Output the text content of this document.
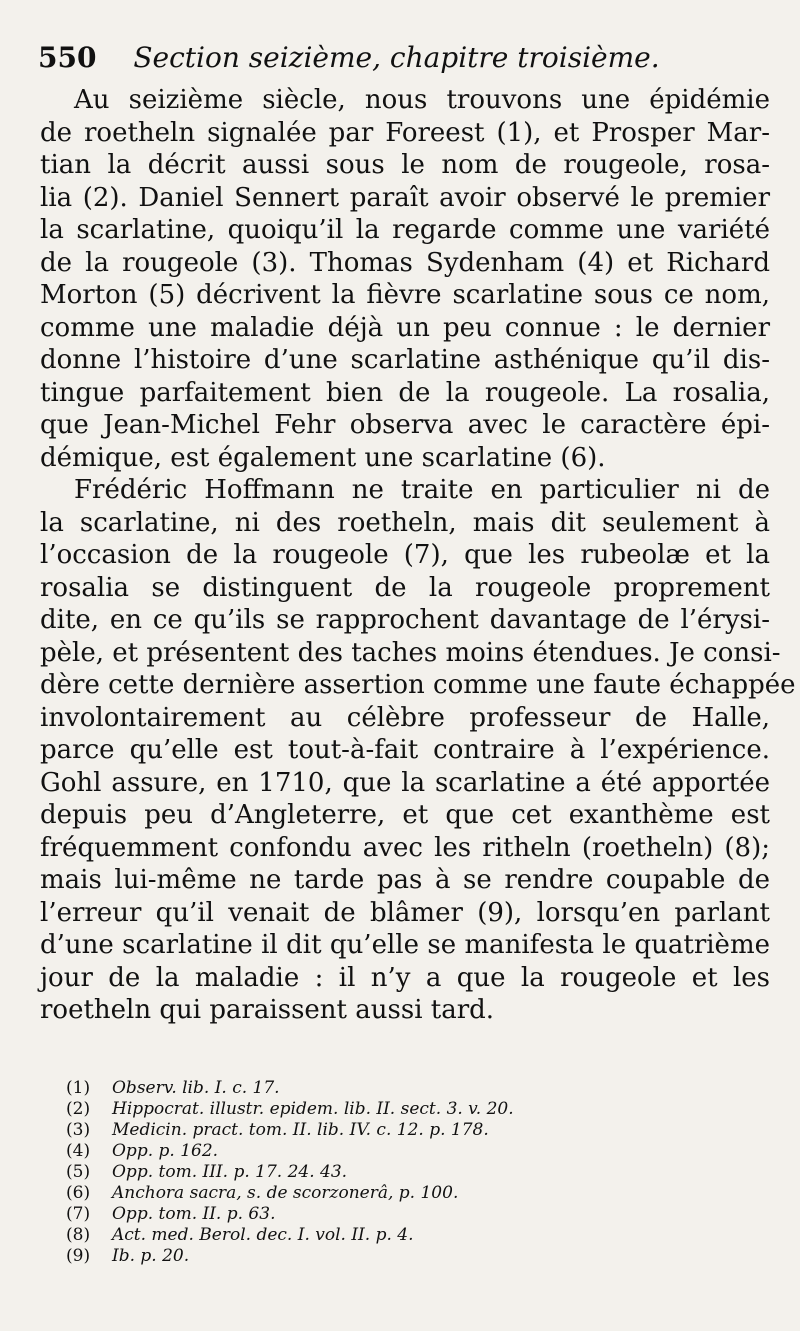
550 Section seizième, chapitre troisième.
Au seizième siècle, nous trouvons une épidémie
de roetheln signalée par Foreest (1), et Prosper Mar-
tian la décrit aussi sous le nom de rougeole, rosa-
lia (2). Daniel Sennert paraît avoir observé le premier
la scarlatine, quoiqu’il la regarde comme une variété
de la rougeole (3). Thomas Sydenham (4) et Richard
Morton (5) décrivent la fièvre scarlatine sous ce nom,
comme une maladie déjà un peu connue : le dernier
donne l’histoire d’une scarlatine asthénique qu’il dis-
tingue parfaitement bien de la rougeole. La rosalia,
que Jean-Michel Fehr observa avec le caractère épi-
démique, est également une scarlatine (6).
Frédéric Hoffmann ne traite en particulier ni de
la scarlatine, ni des roetheln, mais dit seulement à
l’occasion de la rougeole (7), que les rubeolæ et la
rosalia se distinguent de la rougeole proprement
dite, en ce qu’ils se rapprochent davantage de l’érysi-
pèle, et présentent des taches moins étendues. Je consi-
dère cette dernière assertion comme une faute échappée
involontairement au célèbre professeur de Halle,
parce qu’elle est tout-à-fait contraire à l’expérience.
Gohl assure, en 1710, que la scarlatine a été apportée
depuis peu d’Angleterre, et que cet exanthème est
fréquemment confondu avec les ritheln (roetheln) (8);
mais lui-même ne tarde pas à se rendre coupable de
l’erreur qu’il venait de blâmer (9), lorsqu’en parlant
d’une scarlatine il dit qu’elle se manifesta le quatrième
jour de la maladie : il n’y a que la rougeole et les
roetheln qui paraissent aussi tard.
(1) Observ. lib. I. c. 17.
(2) Hippocrat. illustr. epidem. lib. II. sect. 3. v. 20.
(3) Medicin. pract. tom. II. lib. IV. c. 12. p. 178.
(4) Opp. p. 162.
(5) Opp. tom. III. p. 17. 24. 43.
(6) Anchora sacra, s. de scorzonerâ, p. 100.
(7) Opp. tom. II. p. 63.
(8) Act. med. Berol. dec. I. vol. II. p. 4.
(9) Ib. p. 20.
